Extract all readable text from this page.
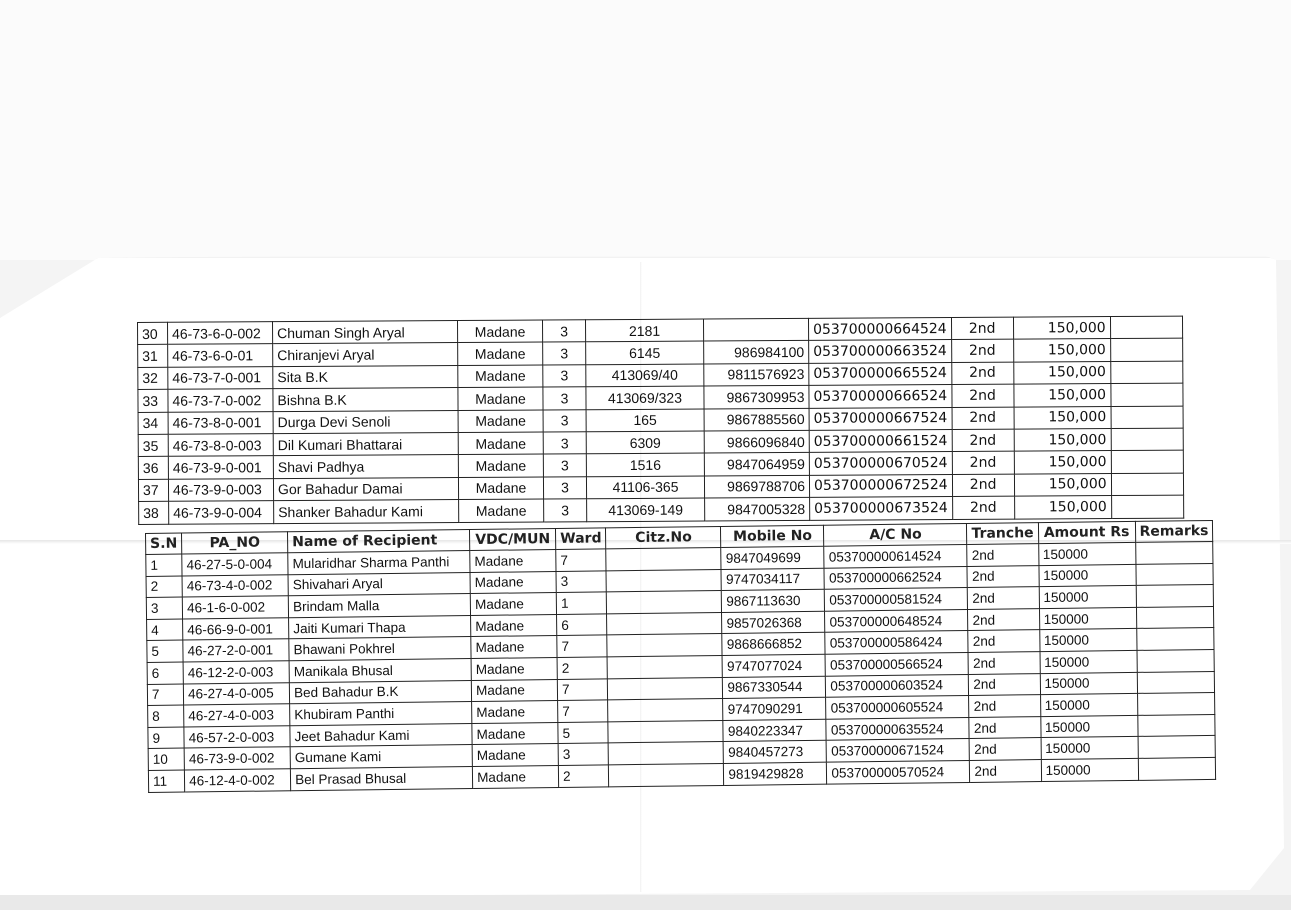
30	46-73-6-0-002	Chuman Singh Aryal	Madane	3	2181		053700000664524	2nd	150,000	
31	46-73-6-0-01	Chiranjevi Aryal	Madane	3	6145	986984100	053700000663524	2nd	150,000	
32	46-73-7-0-001	Sita B.K	Madane	3	413069/40	9811576923	053700000665524	2nd	150,000	
33	46-73-7-0-002	Bishna B.K	Madane	3	413069/323	9867309953	053700000666524	2nd	150,000	
34	46-73-8-0-001	Durga Devi Senoli	Madane	3	165	9867885560	053700000667524	2nd	150,000	
35	46-73-8-0-003	Dil Kumari Bhattarai	Madane	3	6309	9866096840	053700000661524	2nd	150,000	
36	46-73-9-0-001	Shavi Padhya	Madane	3	1516	9847064959	053700000670524	2nd	150,000	
37	46-73-9-0-003	Gor Bahadur Damai	Madane	3	41106-365	9869788706	053700000672524	2nd	150,000	
38	46-73-9-0-004	Shanker Bahadur Kami	Madane	3	413069-149	9847005328	053700000673524	2nd	150,000	
S.N	PA_NO	Name of Recipient	VDC/MUN	Ward	Citz.No	Mobile No	A/C No	Tranche	Amount Rs	Remarks
1	46-27-5-0-004	Mularidhar Sharma Panthi	Madane	7		9847049699	053700000614524	2nd	150000	
2	46-73-4-0-002	Shivahari Aryal	Madane	3		9747034117	053700000662524	2nd	150000	
3	46-1-6-0-002	Brindam Malla	Madane	1		9867113630	053700000581524	2nd	150000	
4	46-66-9-0-001	Jaiti Kumari Thapa	Madane	6		9857026368	053700000648524	2nd	150000	
5	46-27-2-0-001	Bhawani Pokhrel	Madane	7		9868666852	053700000586424	2nd	150000	
6	46-12-2-0-003	Manikala Bhusal	Madane	2		9747077024	053700000566524	2nd	150000	
7	46-27-4-0-005	Bed Bahadur B.K	Madane	7		9867330544	053700000603524	2nd	150000	
8	46-27-4-0-003	Khubiram Panthi	Madane	7		9747090291	053700000605524	2nd	150000	
9	46-57-2-0-003	Jeet Bahadur Kami	Madane	5		9840223347	053700000635524	2nd	150000	
10	46-73-9-0-002	Gumane Kami	Madane	3		9840457273	053700000671524	2nd	150000	
11	46-12-4-0-002	Bel Prasad Bhusal	Madane	2		9819429828	053700000570524	2nd	150000	
